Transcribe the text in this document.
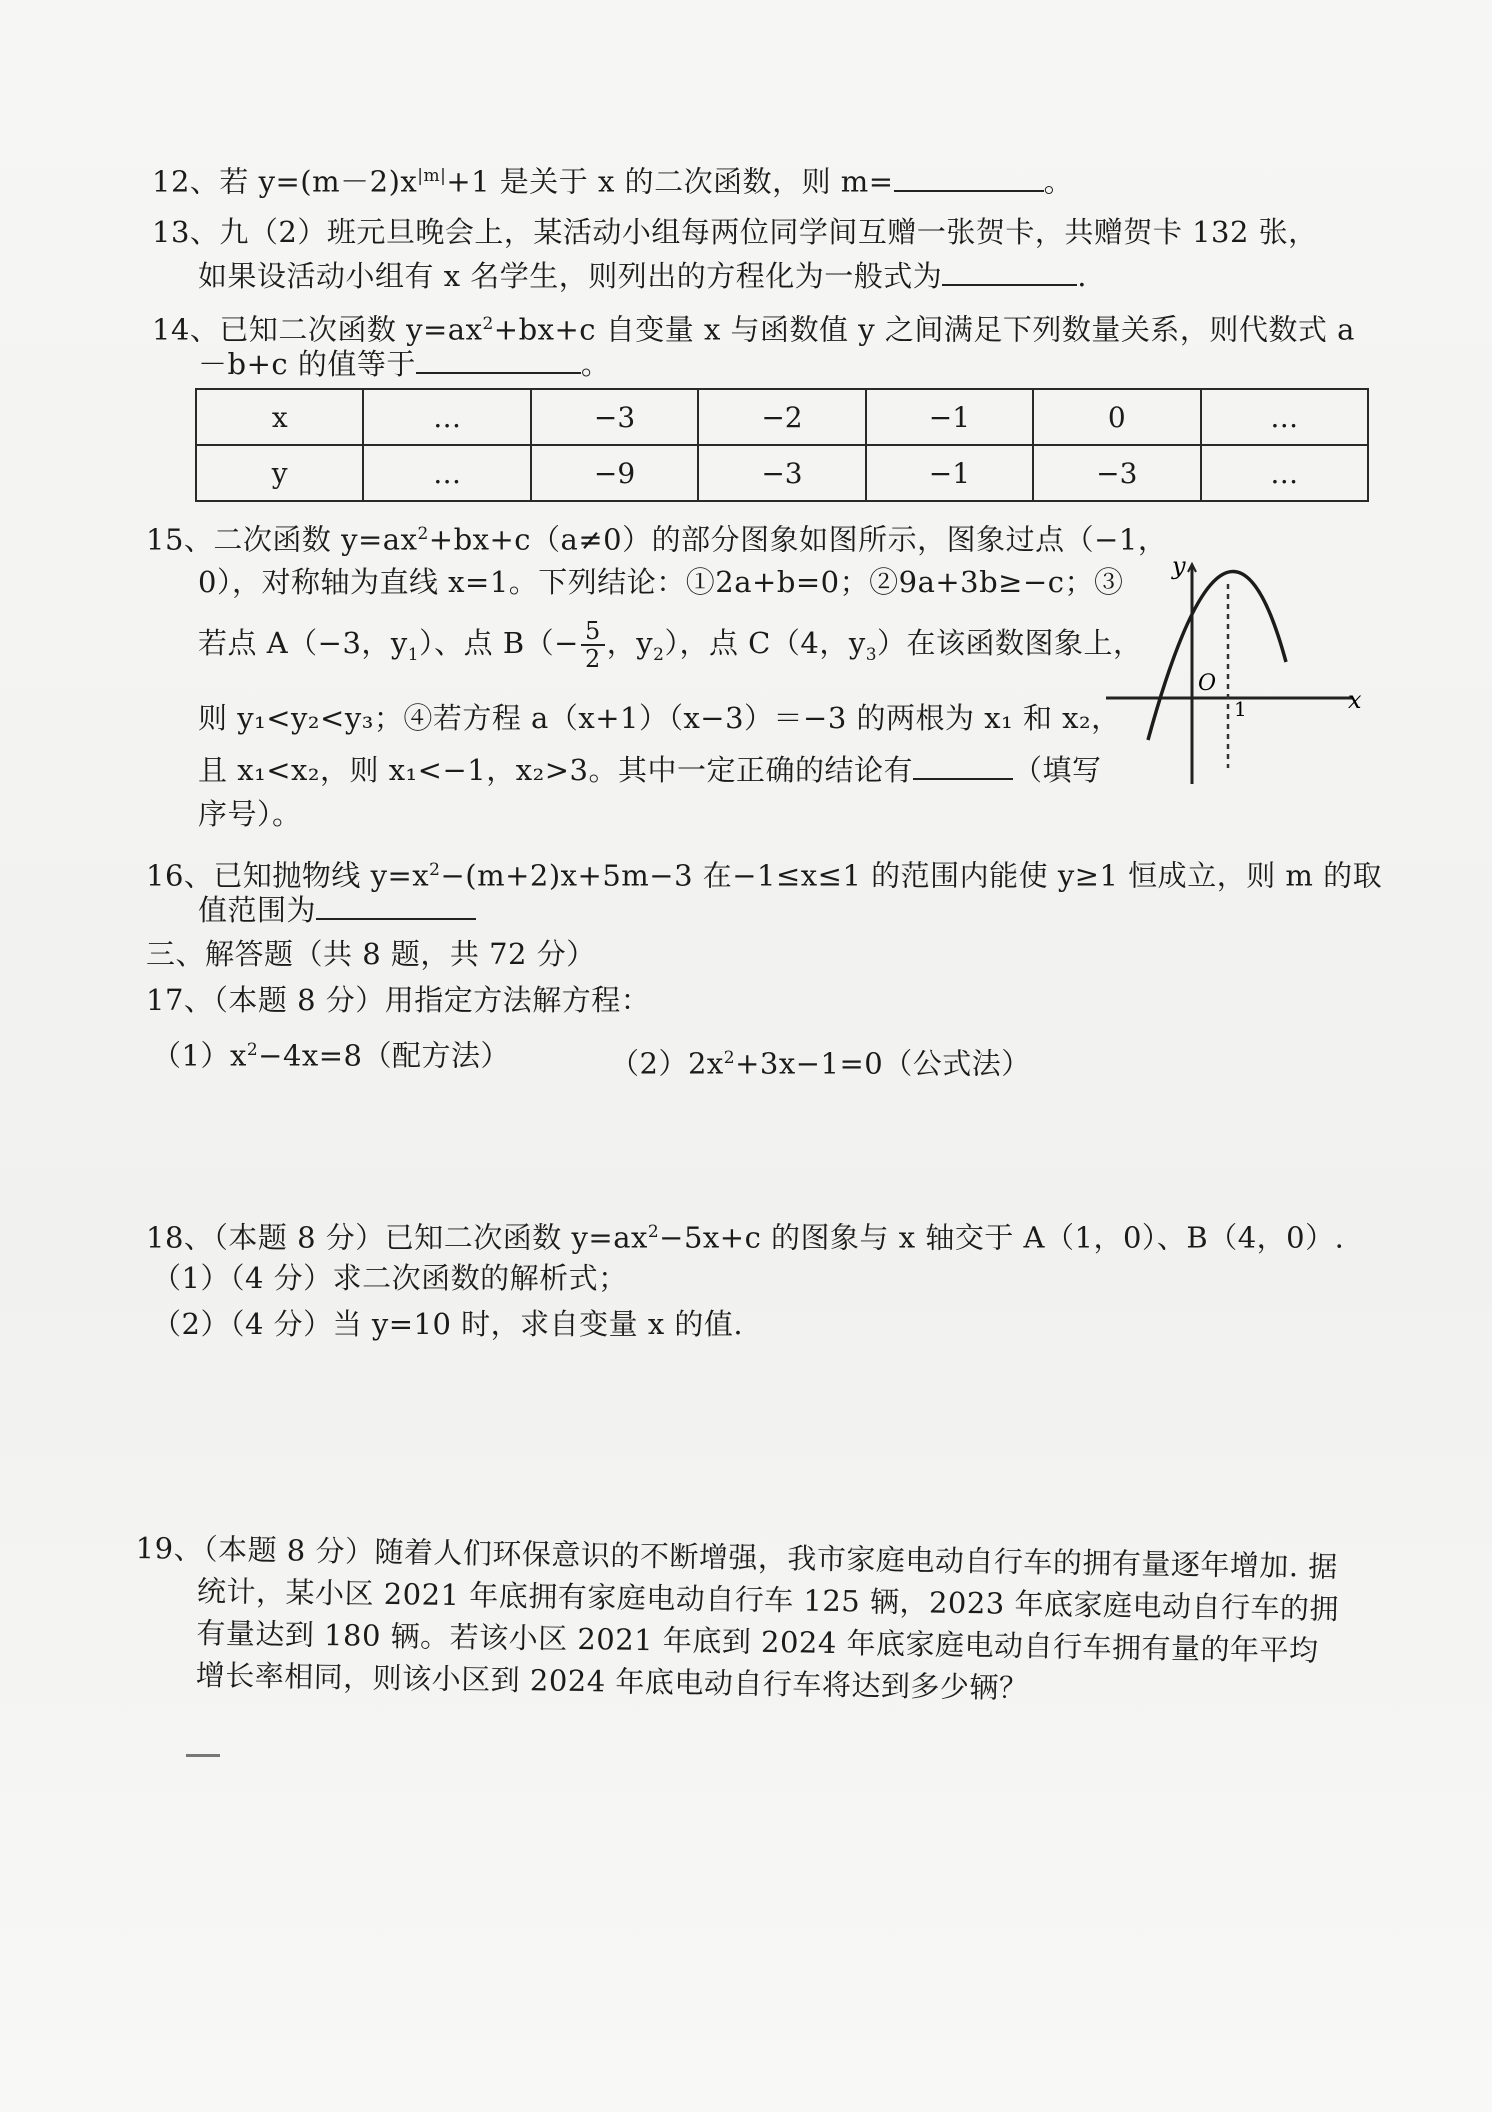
12、若 $y=(m-2)x^{|m|}+1$ 是关于 x 的二次函数，则 m=	。
13、九（2）班元旦晚会上，某活动小组每两位同学间互赠一张贺卡，共赠贺卡 132 张，
如果设活动小组有 x 名学生，则列出的方程化为一般式为	.
14、已知二次函数 $y=ax^2+bx+c$ 自变量 x 与函数值 y 之间满足下列数量关系，则代数式 a
－b+c 的值等于	。
x	…	−3	−2	−1	0	…
y	…	−9	−3	−1	−3	…
15、二次函数 $y=ax^2+bx+c(a\ne 0)$的部分图象如图所示，图象过点（−1，
0），对称轴为直线 x=1。下列结论：①2a+b=0；②9a+3b≥−c；③
若点 A（−3，$y_1$）、点 $B(- \frac{5}{2}$ ，$y_2$），点 C（4，$y_3$）在该函数图象上，
则 y₁<y₂<y₃；④若方程 a（x+1）（x−3）＝−3 的两根为 x₁ 和 x₂，
且 x₁<x₂，则 x₁<−1，x₂>3。其中一定正确的结论有	（填写
序号）。
y
x
O
1
16、已知抛物线 $y=x^2-(m+2)x+5m-3$ 在−1≤x≤1 的范围内能使 y≥1 恒成立，则 m 的取
值范围为
三、解答题（共 8 题，共 72 分）
17、（本题 8 分）用指定方法解方程：
$(1)x^2-4x=8$（配方法）	$(2)2x^2+3x-1=0$（公式法）
18、（本题 8 分）已知二次函数 $y=ax^2-5x+c$ 的图象与 x 轴交于 A（1，0）、B（4，0）.
（1）（4 分）求二次函数的解析式；
（2）（4 分）当 y=10 时，求自变量 x 的值.
19、（本题 8 分）随着人们环保意识的不断增强，我市家庭电动自行车的拥有量逐年增加. 据
统计，某小区 2021 年底拥有家庭电动自行车 125 辆，2023 年底家庭电动自行车的拥
有量达到 180 辆。若该小区 2021 年底到 2024 年底家庭电动自行车拥有量的年平均
增长率相同，则该小区到 2024 年底电动自行车将达到多少辆？
